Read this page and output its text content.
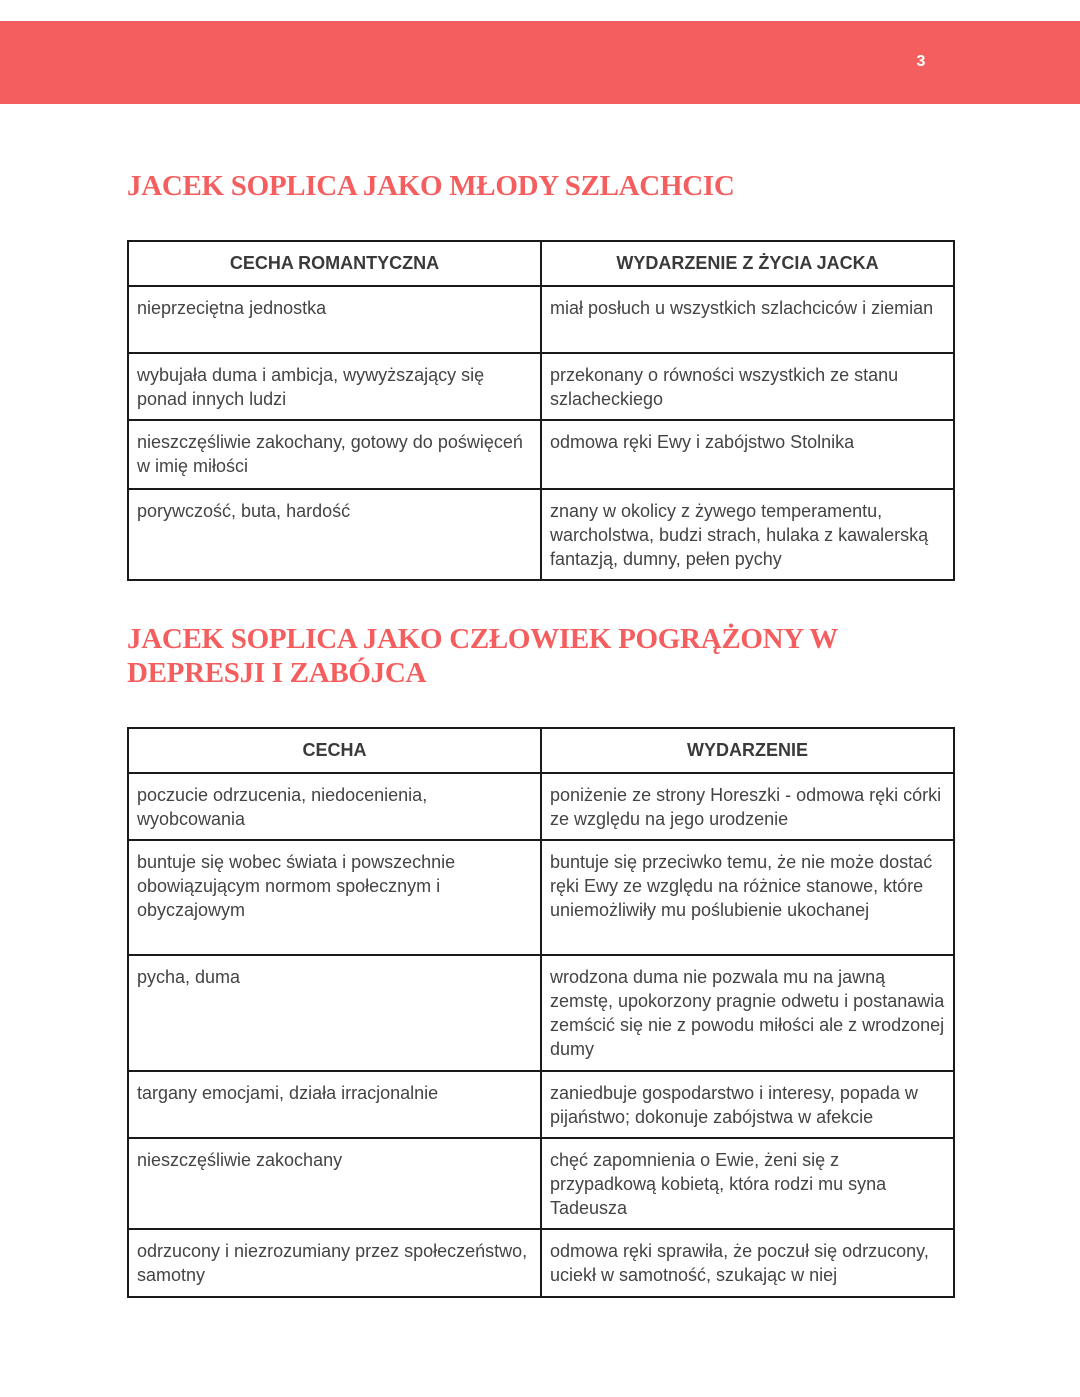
3
JACEK SOPLICA JAKO MŁODY SZLACHCIC
CECHA ROMANTYCZNA	WYDARZENIE Z ŻYCIA JACKA
nieprzeciętna jednostka	miał posłuch u wszystkich szlachciców i ziemian
wybujała duma i ambicja, wywyższający się ponad innych ludzi	przekonany o równości wszystkich ze stanu szlacheckiego
nieszczęśliwie zakochany, gotowy do poświęceń w imię miłości	odmowa ręki Ewy i zabójstwo Stolnika
porywczość, buta, hardość	znany w okolicy z żywego temperamentu, warcholstwa, budzi strach, hulaka z kawalerską fantazją, dumny, pełen pychy
JACEK SOPLICA JAKO CZŁOWIEK POGRĄŻONY W DEPRESJI I ZABÓJCA
CECHA	WYDARZENIE
poczucie odrzucenia, niedocenienia, wyobcowania	poniżenie ze strony Horeszki - odmowa ręki córki ze względu na jego urodzenie
buntuje się wobec świata i powszechnie obowiązującym normom społecznym i obyczajowym	buntuje się przeciwko temu, że nie może dostać ręki Ewy ze względu na różnice stanowe, które uniemożliwiły mu poślubienie ukochanej
pycha, duma	wrodzona duma nie pozwala mu na jawną zemstę, upokorzony pragnie odwetu i postanawia zemścić się nie z powodu miłości ale z wrodzonej dumy
targany emocjami, działa irracjonalnie	zaniedbuje gospodarstwo i interesy, popada w pijaństwo; dokonuje zabójstwa w afekcie
nieszczęśliwie zakochany	chęć zapomnienia o Ewie, żeni się z przypadkową kobietą, która rodzi mu syna Tadeusza
odrzucony i niezrozumiany przez społeczeństwo, samotny	odmowa ręki sprawiła, że poczuł się odrzucony, uciekł w samotność, szukając w niej
